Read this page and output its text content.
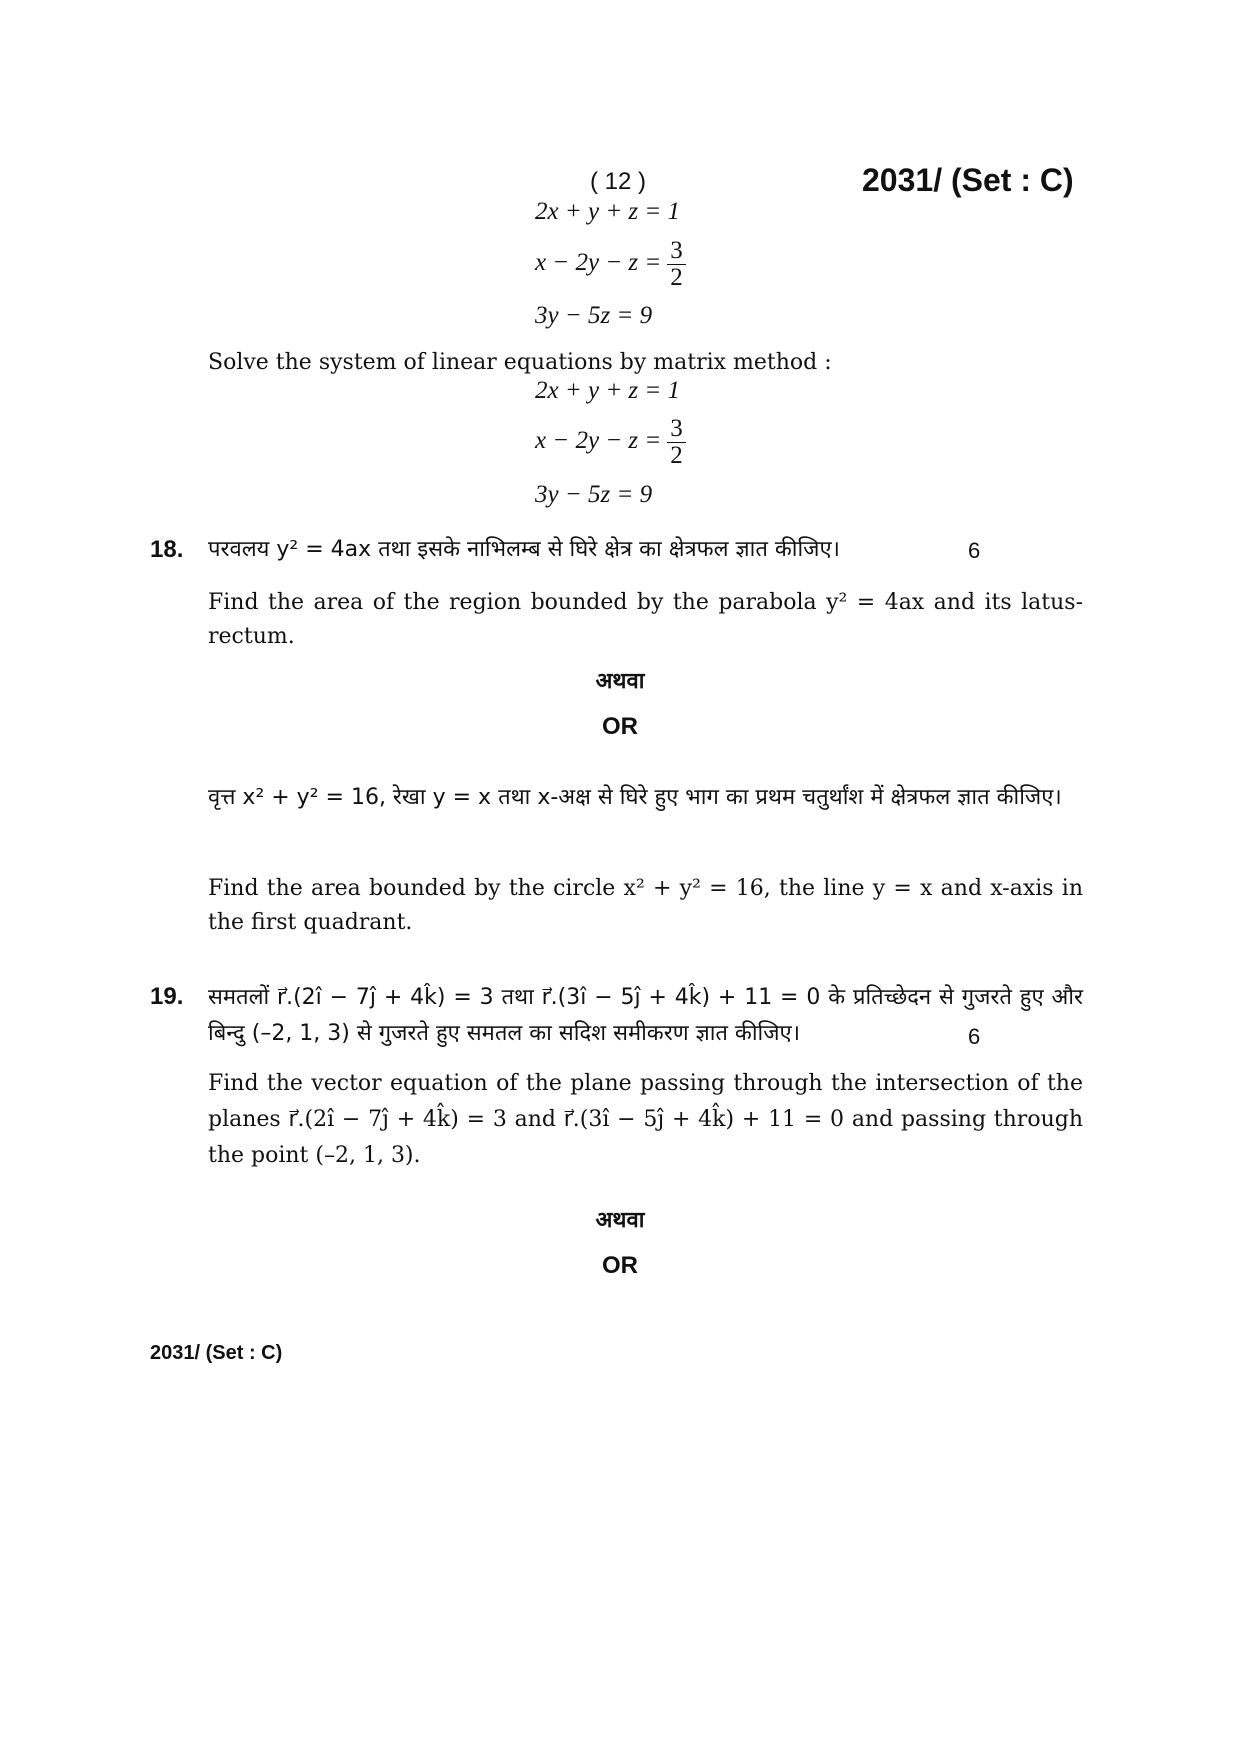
( 12 )	2031/ (Set : C)
2x + y + z = 1
$x - 2y - z = \frac{3}{2}$
3y − 5z = 9
Solve the system of linear equations by matrix method :
2x + y + z = 1
$x - 2y - z = \frac{3}{2}$
3y − 5z = 9
18. परवलय y² = 4ax तथा इसके नाभिलम्ब से घिरे क्षेत्र का क्षेत्रफल ज्ञात कीजिए।	6
Find the area of the region bounded by the parabola y² = 4ax and its latus-rectum.
अथवा
OR
वृत्त x² + y² = 16, रेखा y = x तथा x-अक्ष से घिरे हुए भाग का प्रथम चतुर्थांश में क्षेत्रफल ज्ञात कीजिए।
Find the area bounded by the circle x² + y² = 16, the line y = x and x-axis in the first quadrant.
19. समतलों r⃗.(2î − 7ĵ + 4k̂) = 3 तथा r⃗.(3î − 5ĵ + 4k̂) + 11 = 0 के प्रतिच्छेदन से गुजरते हुए और बिन्दु (–2, 1, 3) से गुजरते हुए समतल का सदिश समीकरण ज्ञात कीजिए।	6
Find the vector equation of the plane passing through the intersection of the planes r⃗.(2î − 7ĵ + 4k̂) = 3 and r⃗.(3î − 5ĵ + 4k̂) + 11 = 0 and passing through the point (–2, 1, 3).
अथवा
OR
2031/ (Set : C)
